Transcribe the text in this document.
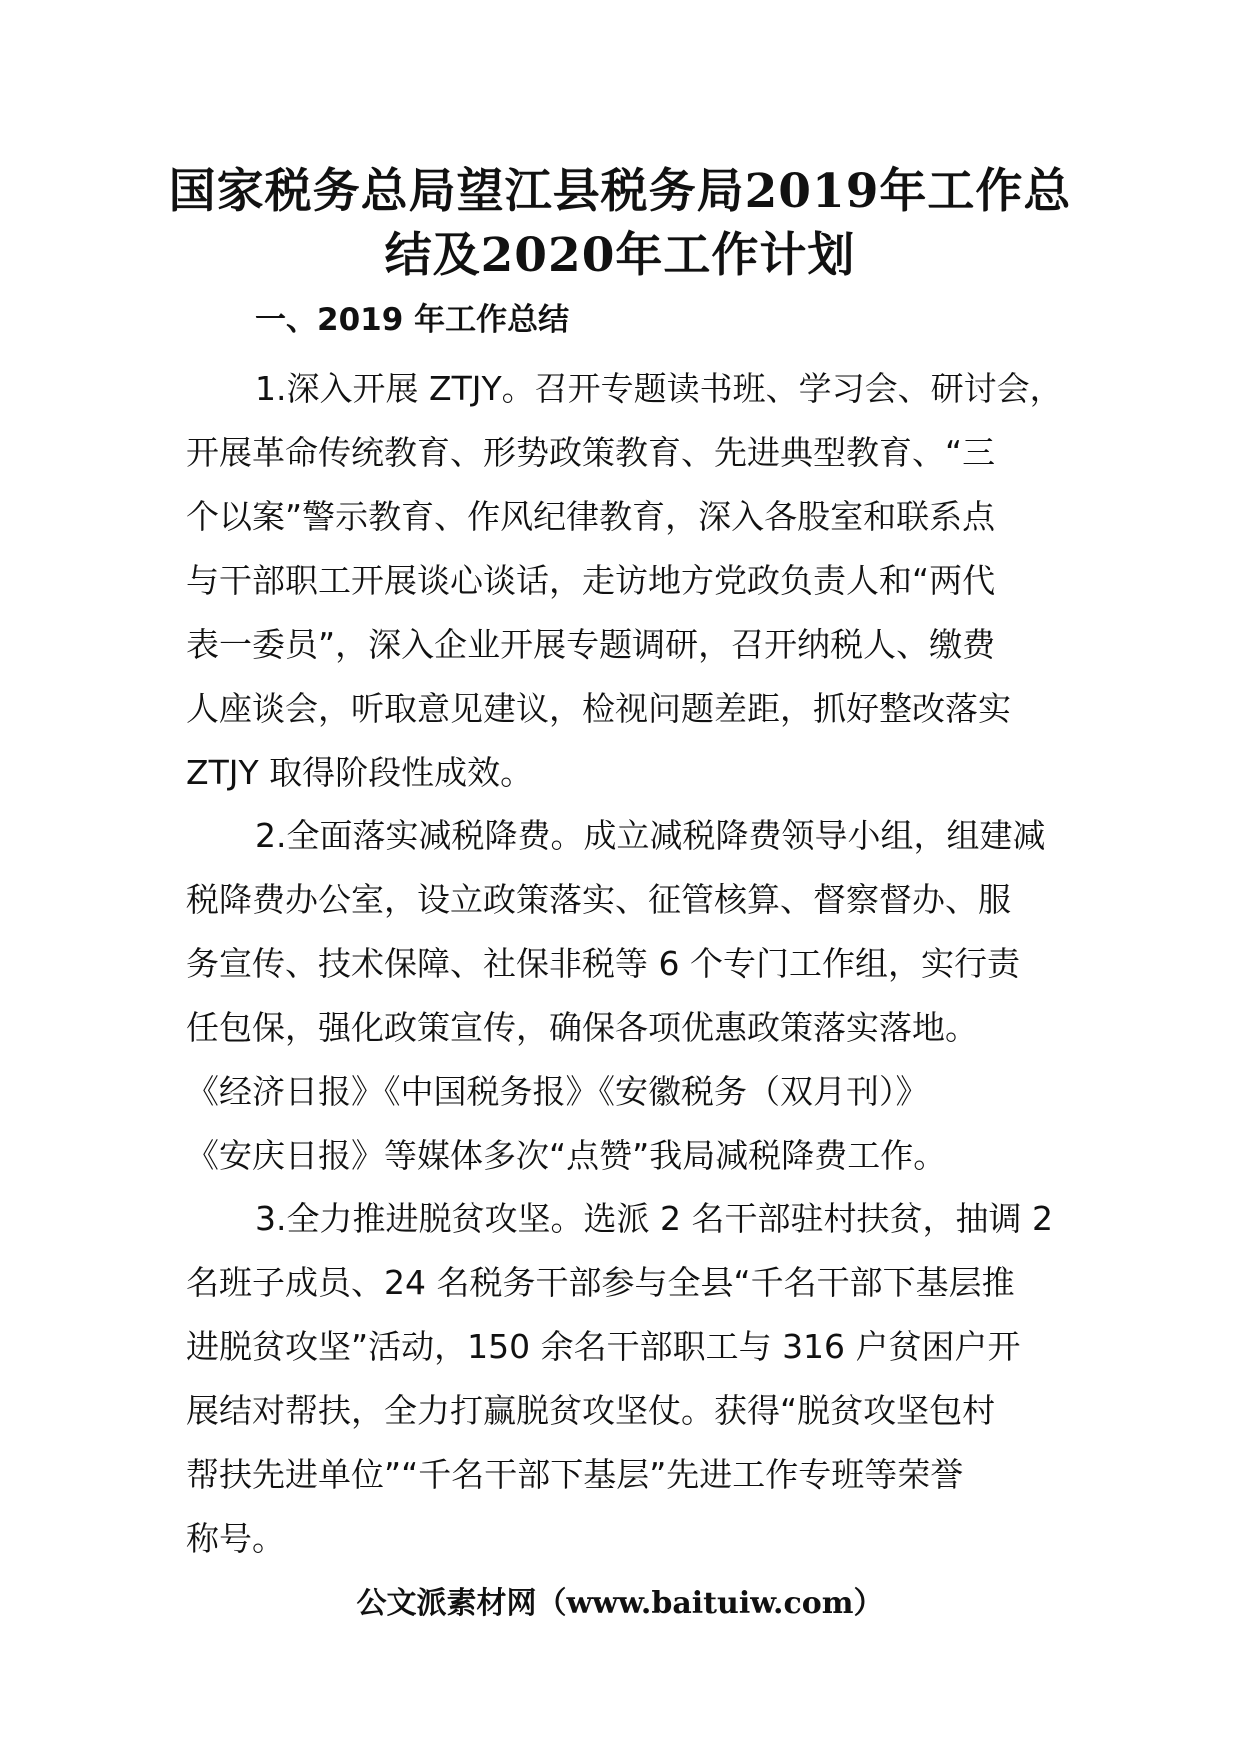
国家税务总局望江县税务局2019年工作总
结及2020年工作计划
一、2019 年工作总结
1.深入开展 ZTJY。召开专题读书班、学习会、研讨会，
开展革命传统教育、形势政策教育、先进典型教育、“三
个以案”警示教育、作风纪律教育，深入各股室和联系点
与干部职工开展谈心谈话，走访地方党政负责人和“两代
表一委员”，深入企业开展专题调研，召开纳税人、缴费
人座谈会，听取意见建议，检视问题差距，抓好整改落实
ZTJY 取得阶段性成效。
2.全面落实减税降费。成立减税降费领导小组，组建减
税降费办公室，设立政策落实、征管核算、督察督办、服
务宣传、技术保障、社保非税等 6 个专门工作组，实行责
任包保，强化政策宣传，确保各项优惠政策落实落地。
《经济日报》《中国税务报》《安徽税务（双月刊）》
《安庆日报》等媒体多次“点赞”我局减税降费工作。
3.全力推进脱贫攻坚。选派 2 名干部驻村扶贫，抽调 2
名班子成员、24 名税务干部参与全县“千名干部下基层推
进脱贫攻坚”活动，150 余名干部职工与 316 户贫困户开
展结对帮扶，全力打赢脱贫攻坚仗。获得“脱贫攻坚包村
帮扶先进单位”“千名干部下基层”先进工作专班等荣誉
称号。
公文派素材网（www.baituiw.com）
